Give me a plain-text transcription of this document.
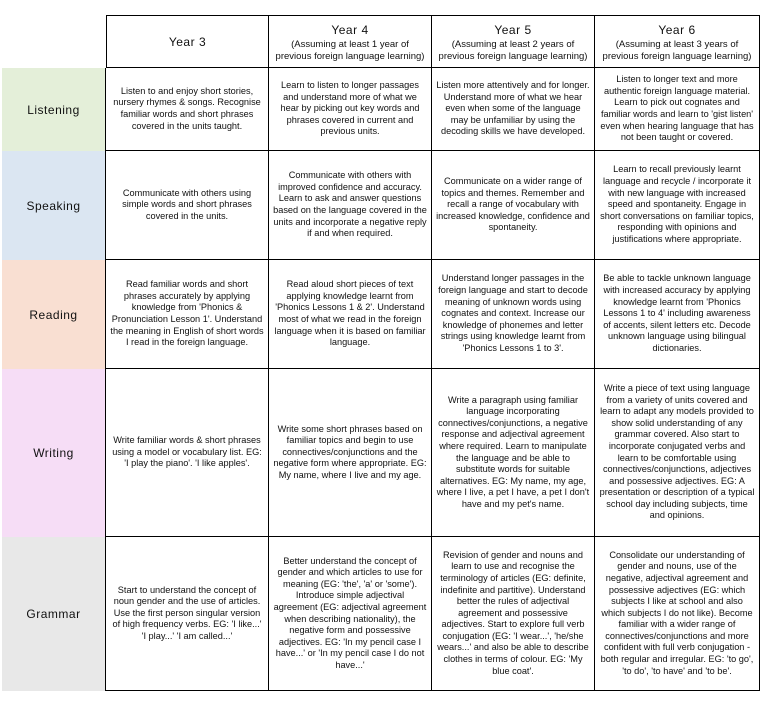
Year 3
Year 4
(Assuming at least 1 year of previous foreign language learning)
Year 5
(Assuming at least 2 years of previous foreign language learning)
Year 6
(Assuming at least 3 years of previous foreign language learning)
Listening
Listen to and enjoy short stories, nursery rhymes & songs. Recognise familiar words and short phrases covered in the units taught.
Learn to listen to longer passages and understand more of what we hear by picking out key words and phrases covered in current and previous units.
Listen more attentively and for longer. Understand more of what we hear even when some of the language may be unfamiliar by using the decoding skills we have developed.
Listen to longer text and more authentic foreign language material. Learn to pick out cognates and familiar words and learn to 'gist listen' even when hearing language that has not been taught or covered.
Speaking
Communicate with others using simple words and short phrases covered in the units.
Communicate with others with improved confidence and accuracy. Learn to ask and answer questions based on the language covered in the units and incorporate a negative reply if and when required.
Communicate on a wider range of topics and themes. Remember and recall a range of vocabulary with increased knowledge, confidence and spontaneity.
Learn to recall previously learnt language and recycle / incorporate it with new language with increased speed and spontaneity. Engage in short conversations on familiar topics, responding with opinions and justifications where appropriate.
Reading
Read familiar words and short phrases accurately by applying knowledge from 'Phonics & Pronunciation Lesson 1'. Understand the meaning in English of short words I read in the foreign language.
Read aloud short pieces of text applying knowledge learnt from 'Phonics Lessons 1 & 2'. Understand most of what we read in the foreign language when it is based on familiar language.
Understand longer passages in the foreign language and start to decode meaning of unknown words using cognates and context. Increase our knowledge of phonemes and letter strings using knowledge learnt from 'Phonics Lessons 1 to 3'.
Be able to tackle unknown language with increased accuracy by applying knowledge learnt from 'Phonics Lessons 1 to 4' including awareness of accents, silent letters etc. Decode unknown language using bilingual dictionaries.
Writing
Write familiar words & short phrases using a model or vocabulary list. EG: 'I play the piano'. 'I like apples'.
Write some short phrases based on familiar topics and begin to use connectives/conjunctions and the negative form where appropriate. EG: My name, where I live and my age.
Write a paragraph using familiar language incorporating connectives/conjunctions, a negative response and adjectival agreement where required. Learn to manipulate the language and be able to substitute words for suitable alternatives. EG: My name, my age, where I live, a pet I have, a pet I don't have and my pet's name.
Write a piece of text using language from a variety of units covered and learn to adapt any models provided to show solid understanding of any grammar covered. Also start to incorporate conjugated verbs and learn to be comfortable using connectives/conjunctions, adjectives and possessive adjectives. EG: A presentation or description of a typical school day including subjects, time and opinions.
Grammar
Start to understand the concept of noun gender and the use of articles. Use the first person singular version of high frequency verbs. EG: 'I like...' 'I play...' 'I am called...'
Better understand the concept of gender and which articles to use for meaning (EG: 'the', 'a' or 'some'). Introduce simple adjectival agreement (EG: adjectival agreement when describing nationality), the negative form and possessive adjectives. EG: 'In my pencil case I have...' or 'In my pencil case I do not have...'
Revision of gender and nouns and learn to use and recognise the terminology of articles (EG: definite, indefinite and partitive). Understand better the rules of adjectival agreement and possessive adjectives. Start to explore full verb conjugation (EG: 'I wear...', 'he/she wears...' and also be able to describe clothes in terms of colour. EG: 'My blue coat'.
Consolidate our understanding of gender and nouns, use of the negative, adjectival agreement and possessive adjectives (EG: which subjects I like at school and also which subjects I do not like). Become familiar with a wider range of connectives/conjunctions and more confident with full verb conjugation - both regular and irregular. EG: 'to go', 'to do', 'to have' and 'to be'.
